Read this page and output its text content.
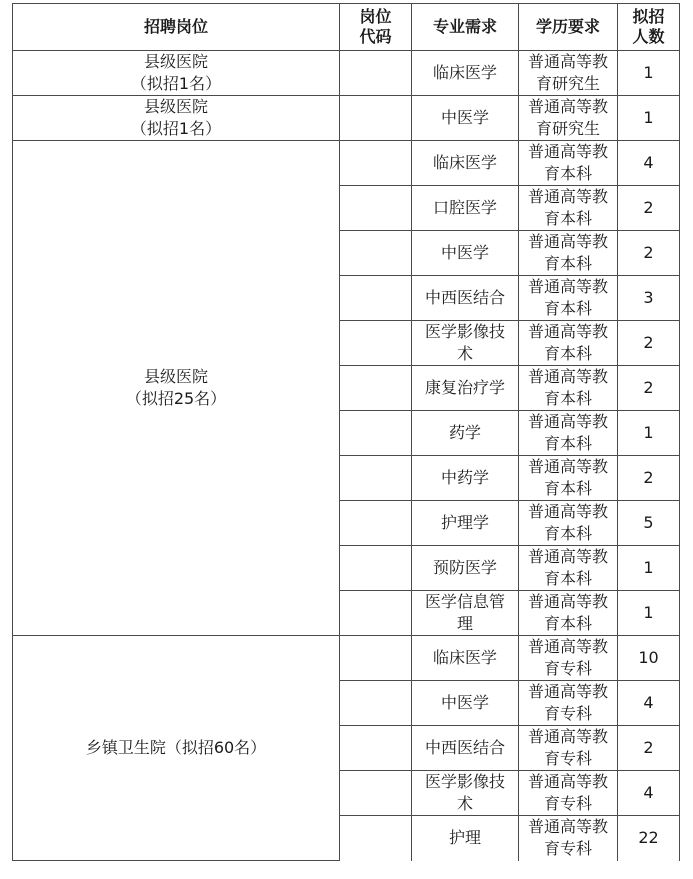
招聘岗位	岗位
代码	专业需求	学历要求	拟招
人数
县级医院
（拟招1名）		临床医学	普通高等教
育研究生	1
县级医院
（拟招1名）		中医学	普通高等教
育研究生	1
县级医院
（拟招25名）		临床医学	普通高等教
育本科	4
		口腔医学	普通高等教
育本科	2
		中医学	普通高等教
育本科	2
		中西医结合	普通高等教
育本科	3
		医学影像技
术	普通高等教
育本科	2
		康复治疗学	普通高等教
育本科	2
		药学	普通高等教
育本科	1
		中药学	普通高等教
育本科	2
		护理学	普通高等教
育本科	5
		预防医学	普通高等教
育本科	1
		医学信息管
理	普通高等教
育本科	1
乡镇卫生院（拟招60名）		临床医学	普通高等教
育专科	10
		中医学	普通高等教
育专科	4
		中西医结合	普通高等教
育专科	2
		医学影像技
术	普通高等教
育专科	4
		护理	普通高等教
育专科	22
